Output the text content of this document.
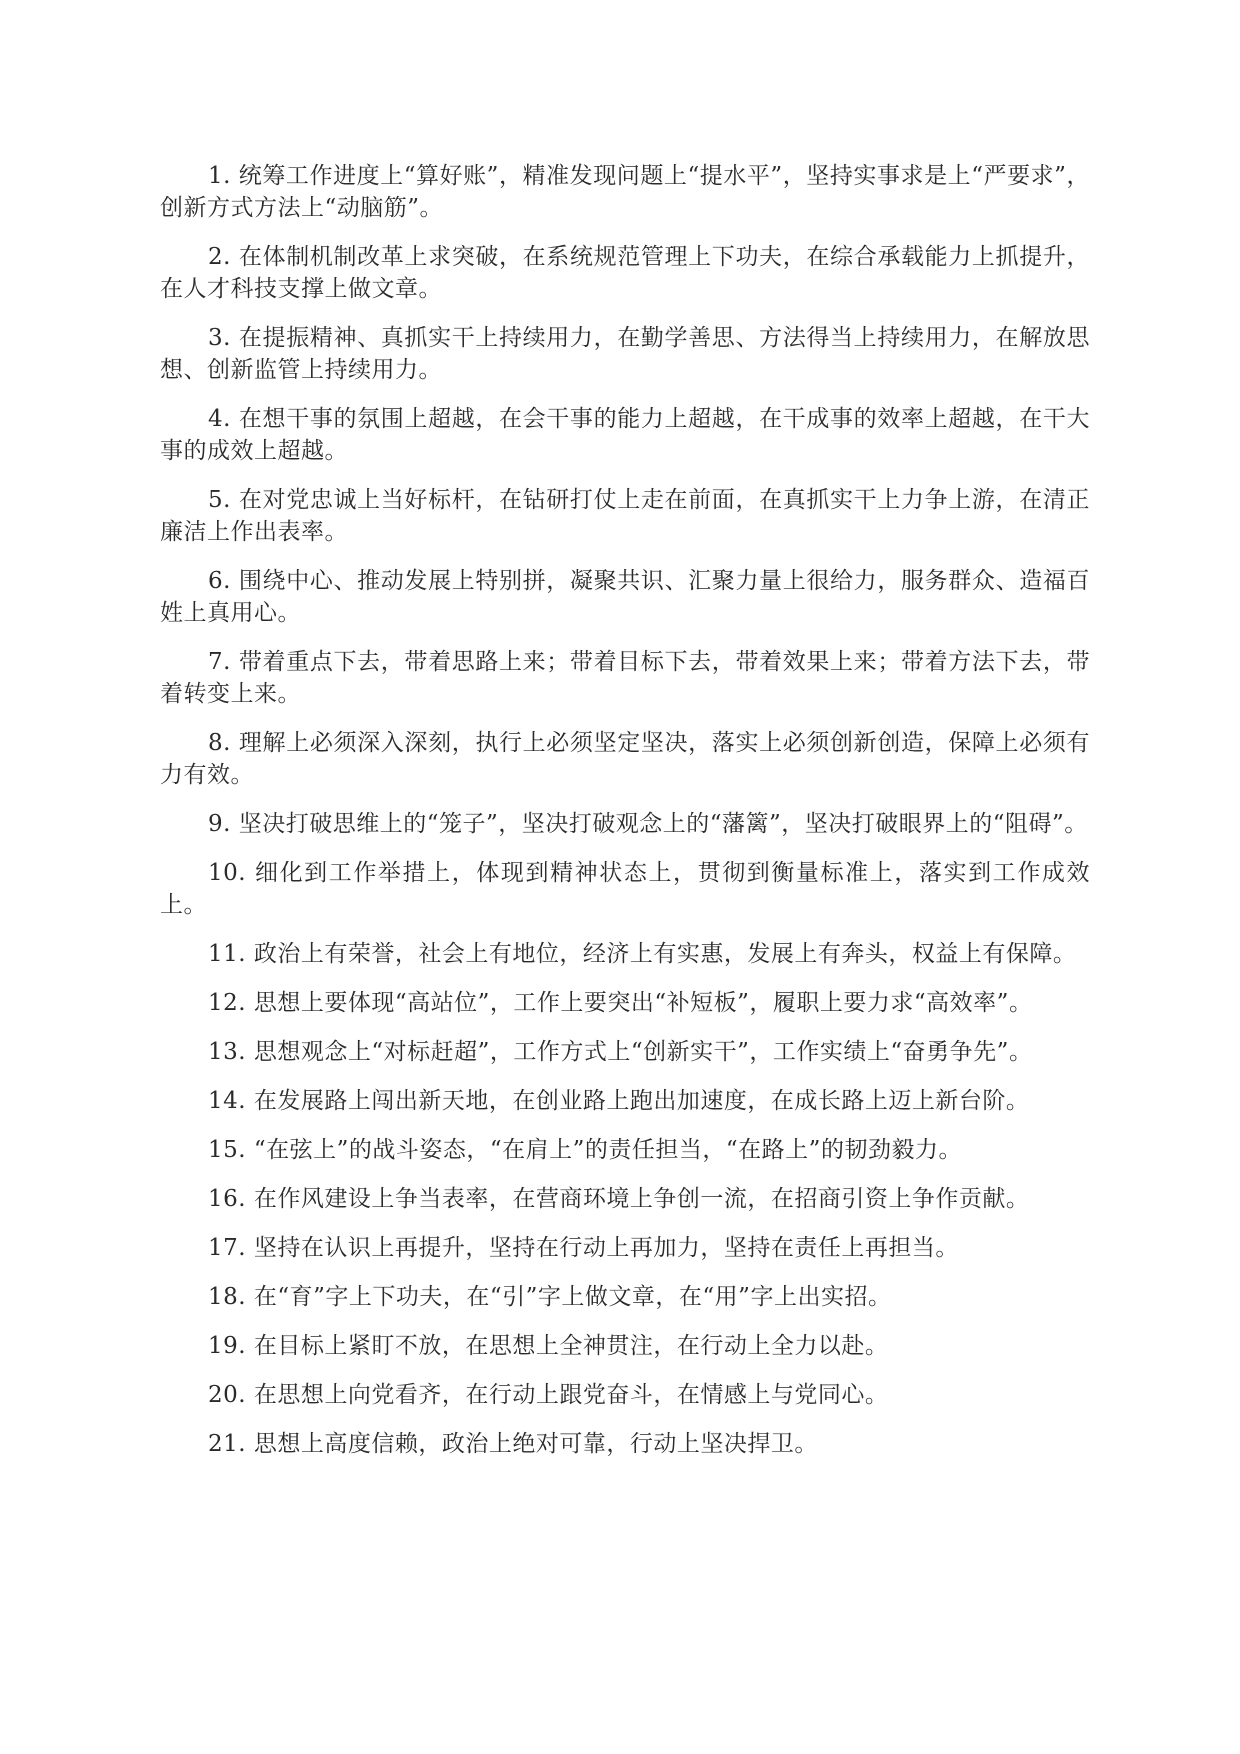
1. 统筹工作进度上“算好账”，精准发现问题上“提水平”，坚持实事求是上“严要求”，创新方式方法上“动脑筋”。

2. 在体制机制改革上求突破，在系统规范管理上下功夫，在综合承载能力上抓提升，在人才科技支撑上做文章。

3. 在提振精神、真抓实干上持续用力，在勤学善思、方法得当上持续用力，在解放思想、创新监管上持续用力。

4. 在想干事的氛围上超越，在会干事的能力上超越，在干成事的效率上超越，在干大事的成效上超越。

5. 在对党忠诚上当好标杆，在钻研打仗上走在前面，在真抓实干上力争上游，在清正廉洁上作出表率。

6. 围绕中心、推动发展上特别拼，凝聚共识、汇聚力量上很给力，服务群众、造福百姓上真用心。

7. 带着重点下去，带着思路上来；带着目标下去，带着效果上来；带着方法下去，带着转变上来。

8. 理解上必须深入深刻，执行上必须坚定坚决，落实上必须创新创造，保障上必须有力有效。

9. 坚决打破思维上的“笼子”，坚决打破观念上的“藩篱”，坚决打破眼界上的“阻碍”。

10. 细化到工作举措上，体现到精神状态上，贯彻到衡量标准上，落实到工作成效上。

11. 政治上有荣誉，社会上有地位，经济上有实惠，发展上有奔头，权益上有保障。

12. 思想上要体现“高站位”，工作上要突出“补短板”，履职上要力求“高效率”。

13. 思想观念上“对标赶超”，工作方式上“创新实干”，工作实绩上“奋勇争先”。

14. 在发展路上闯出新天地，在创业路上跑出加速度，在成长路上迈上新台阶。

15. “在弦上”的战斗姿态，“在肩上”的责任担当，“在路上”的韧劲毅力。

16. 在作风建设上争当表率，在营商环境上争创一流，在招商引资上争作贡献。

17. 坚持在认识上再提升，坚持在行动上再加力，坚持在责任上再担当。

18. 在“育”字上下功夫，在“引”字上做文章，在“用”字上出实招。

19. 在目标上紧盯不放，在思想上全神贯注，在行动上全力以赴。

20. 在思想上向党看齐，在行动上跟党奋斗，在情感上与党同心。

21. 思想上高度信赖，政治上绝对可靠，行动上坚决捍卫。
